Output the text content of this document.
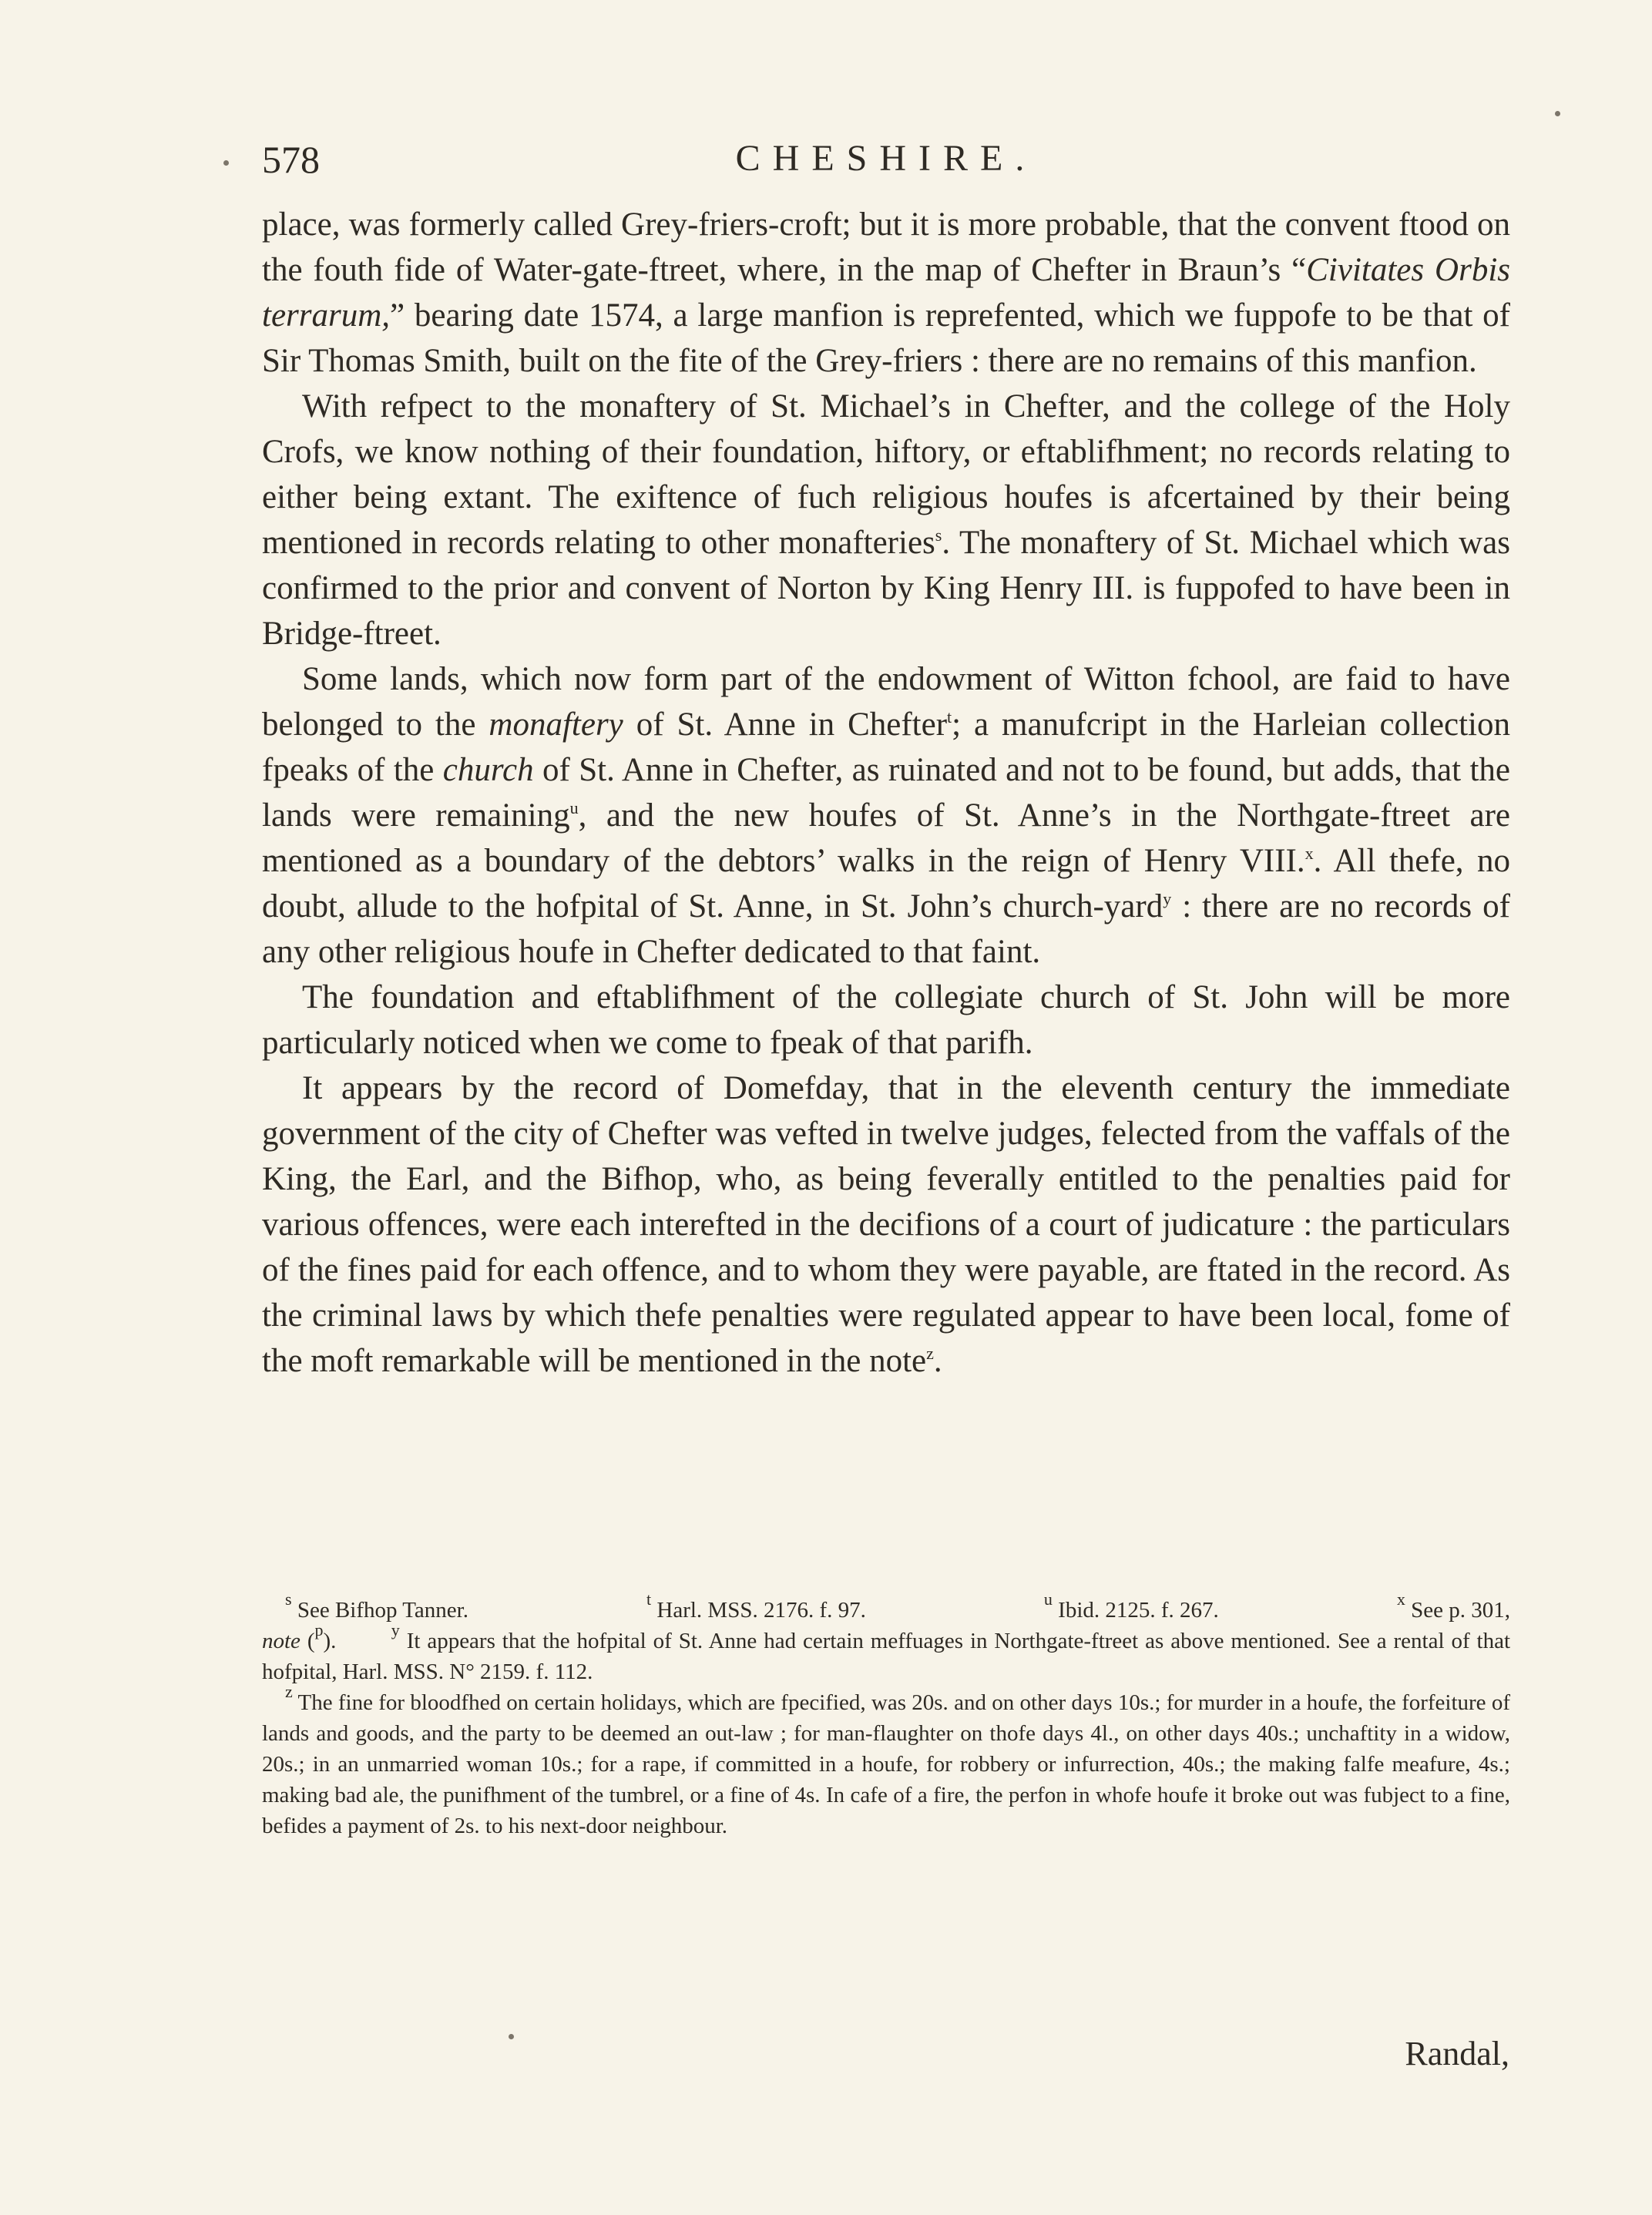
578	CHESHIRE.

place, was formerly called Grey-friers-croft; but it is more probable, that the convent ftood on the fouth fide of Water-gate-ftreet, where, in the map of Chefter in Braun’s “Civitates Orbis terrarum,” bearing date 1574, a large manfion is reprefented, which we fuppofe to be that of Sir Thomas Smith, built on the fite of the Grey-friers : there are no remains of this manfion.

With refpect to the monaftery of St. Michael’s in Chefter, and the college of the Holy Crofs, we know nothing of their foundation, hiftory, or eftablifhment; no records relating to either being extant. The exiftence of fuch religious houfes is afcertained by their being mentioned in records relating to other monafteries$^s$. The monaftery of St. Michael which was confirmed to the prior and convent of Norton by King Henry III. is fuppofed to have been in Bridge-ftreet.

Some lands, which now form part of the endowment of Witton fchool, are faid to have belonged to the monaftery of St. Anne in Chefter$^t$; a manufcript in the Harleian collection fpeaks of the church of St. Anne in Chefter, as ruinated and not to be found, but adds, that the lands were remaining$^u$, and the new houfes of St. Anne’s in the Northgate-ftreet are mentioned as a boundary of the debtors’ walks in the reign of Henry VIII.$^x$. All thefe, no doubt, allude to the hofpital of St. Anne, in St. John’s church-yard$^y$ : there are no records of any other religious houfe in Chefter dedicated to that faint.

The foundation and eftablifhment of the collegiate church of St. John will be more particularly noticed when we come to fpeak of that parifh.

It appears by the record of Domefday, that in the eleventh century the immediate government of the city of Chefter was vefted in twelve judges, felected from the vaffals of the King, the Earl, and the Bifhop, who, as being feverally entitled to the penalties paid for various offences, were each interefted in the decifions of a court of judicature : the particulars of the fines paid for each offence, and to whom they were payable, are ftated in the record. As the criminal laws by which thefe penalties were regulated appear to have been local, fome of the moft remarkable will be mentioned in the note$^z$.

$^s$ See Bifhop Tanner.	$^t$ Harl. MSS. 2176. f. 97.	$^u$ Ibid. 2125. f. 267.	$^x$ See p. 301,

note ($^p$).	$^y$ It appears that the hofpital of St. Anne had certain meffuages in Northgate-ftreet as above mentioned. See a rental of that hofpital, Harl. MSS. N° 2159. f. 112.

$^z$ The fine for bloodfhed on certain holidays, which are fpecified, was 20s. and on other days 10s.; for murder in a houfe, the forfeiture of lands and goods, and the party to be deemed an out-law ; for man-flaughter on thofe days 4l., on other days 40s.; unchaftity in a widow, 20s.; in an unmarried woman 10s.; for a rape, if committed in a houfe, for robbery or infurrection, 40s.; the making falfe meafure, 4s.; making bad ale, the punifhment of the tumbrel, or a fine of 4s. In cafe of a fire, the perfon in whofe houfe it broke out was fubject to a fine, befides a payment of 2s. to his next-door neighbour.

Randal,
